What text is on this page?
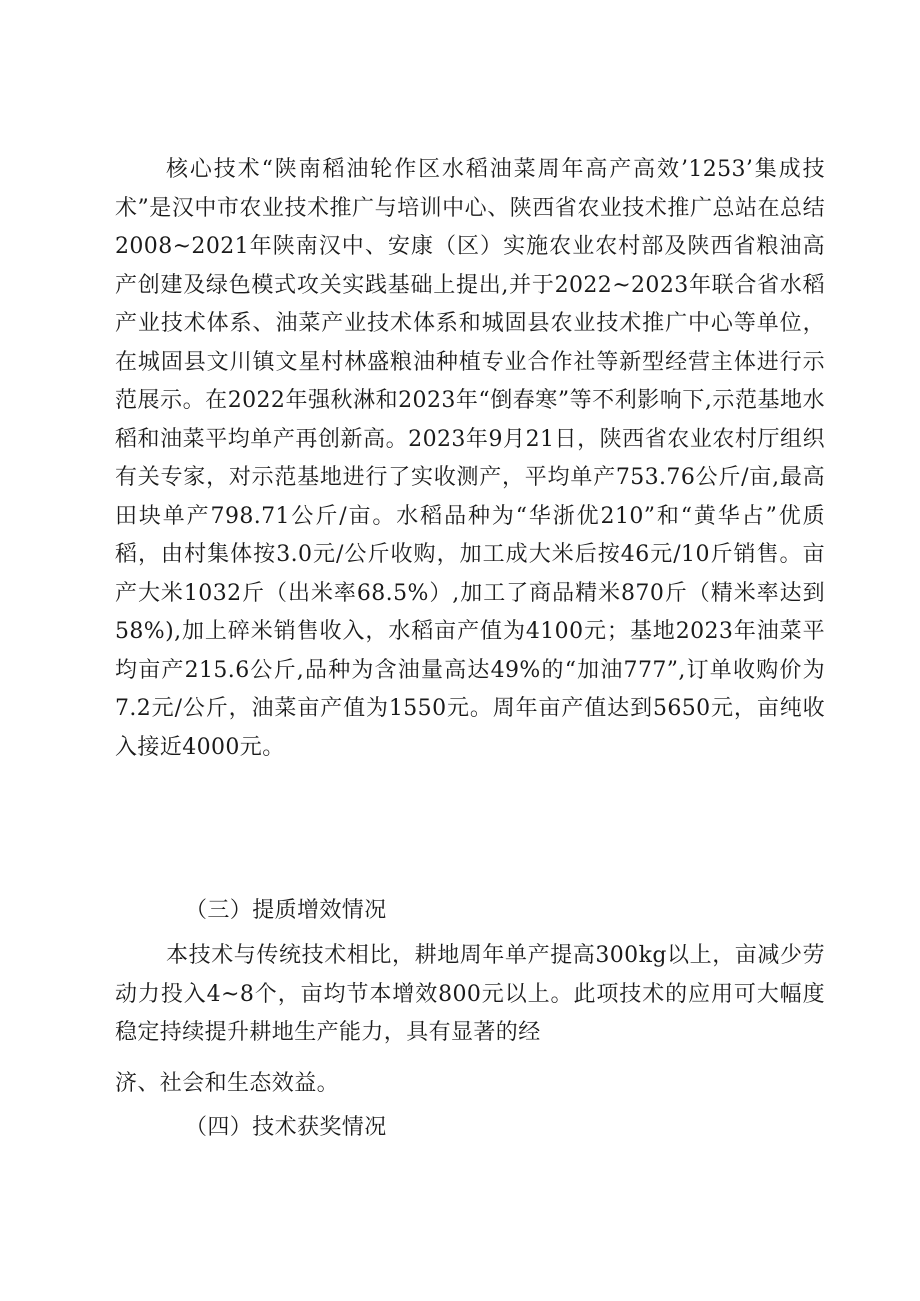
核心技术“陕南稻油轮作区水稻油菜周年高产高效’1253’集成技术”是汉中市农业技术推广与培训中心、陕西省农业技术推广总站在总结2008~2021年陕南汉中、安康（区）实施农业农村部及陕西省粮油高产创建及绿色模式攻关实践基础上提出,并于2022~2023年联合省水稻产业技术体系、油菜产业技术体系和城固县农业技术推广中心等单位，在城固县文川镇文星村林盛粮油种植专业合作社等新型经营主体进行示范展示。在2022年强秋淋和2023年“倒春寒”等不利影响下,示范基地水稻和油菜平均单产再创新高。2023年9月21日，陕西省农业农村厅组织有关专家，对示范基地进行了实收测产，平均单产753.76公斤/亩,最高田块单产798.71公斤/亩。水稻品种为“华浙优210”和“黄华占”优质稻，由村集体按3.0元/公斤收购，加工成大米后按46元/10斤销售。亩产大米1032斤（出米率68.5%）,加工了商品精米870斤（精米率达到58%),加上碎米销售收入，水稻亩产值为4100元；基地2023年油菜平均亩产215.6公斤,品种为含油量高达49%的“加油777”,订单收购价为7.2元/公斤，油菜亩产值为1550元。周年亩产值达到5650元，亩纯收入接近4000元。

（三）提质增效情况

本技术与传统技术相比，耕地周年单产提高300kg以上，亩减少劳动力投入4~8个，亩均节本增效800元以上。此项技术的应用可大幅度稳定持续提升耕地生产能力，具有显著的经

济、社会和生态效益。

（四）技术获奖情况
